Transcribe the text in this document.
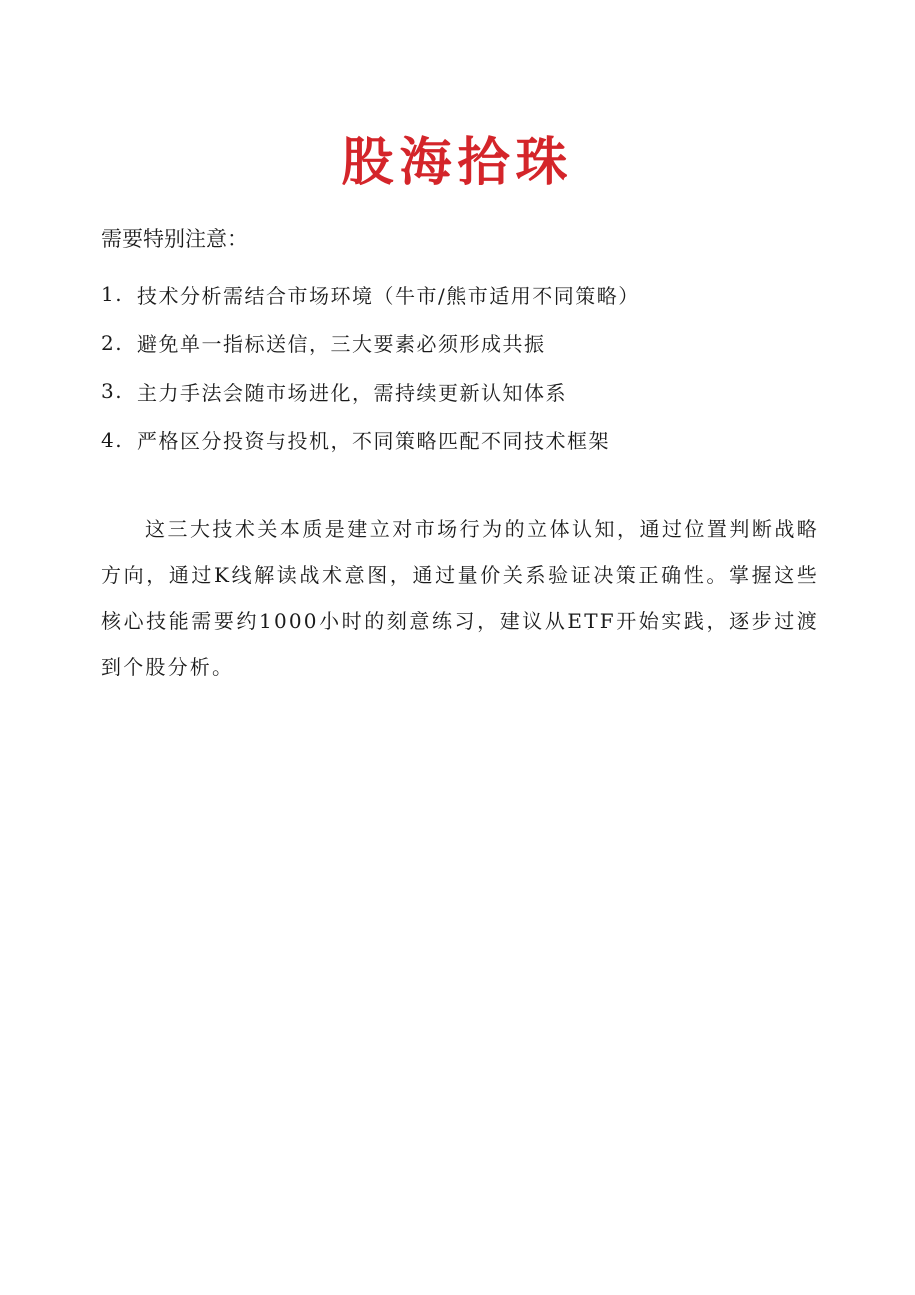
股海拾珠
需要特别注意：
1. 技术分析需结合市场环境（牛市/熊市适用不同策略）
2. 避免单一指标送信，三大要素必须形成共振
3. 主力手法会随市场进化，需持续更新认知体系
4. 严格区分投资与投机，不同策略匹配不同技术框架

这三大技术关本质是建立对市场行为的立体认知，通过位置判断战略方向，通过K线解读战术意图，通过量价关系验证决策正确性。掌握这些核心技能需要约1000小时的刻意练习，建议从ETF开始实践，逐步过渡到个股分析。
